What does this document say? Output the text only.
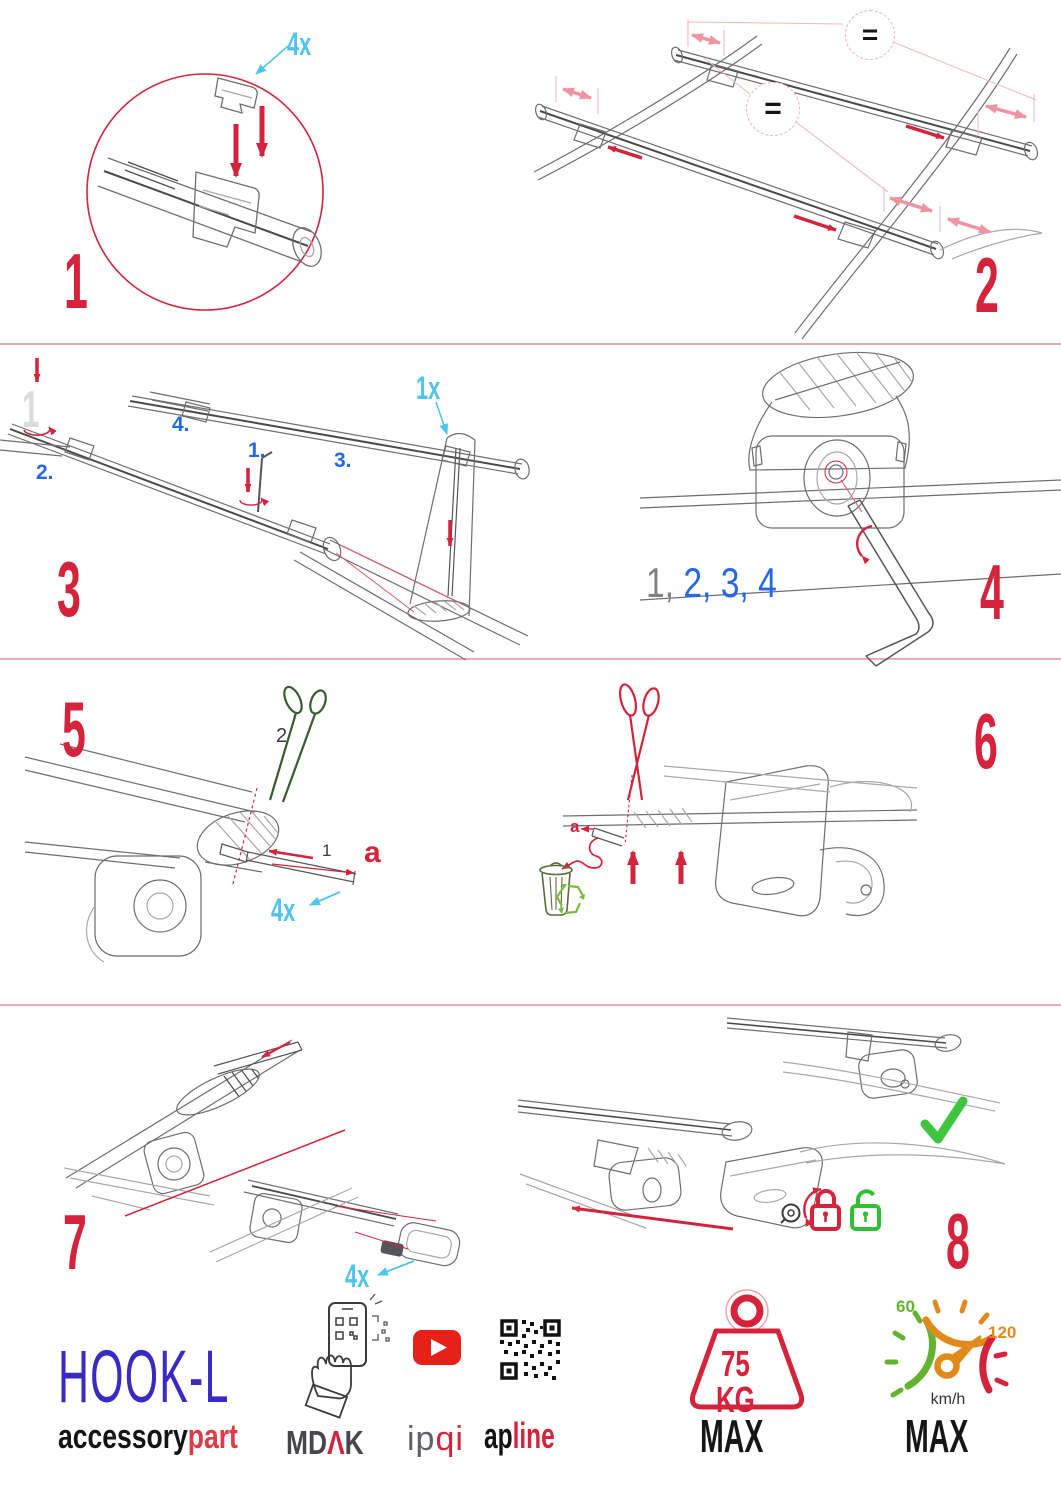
1	2
3	4
5	6
7	8
4x
1x
4x
4x
=
=
1
1.
2.
3.
4.
1, 2, 3, 4
2
1 a
a
HOOK-L
accessorypart MDΛK ipqi apline
75 KG
MAX
60
120
km/h
MAX
